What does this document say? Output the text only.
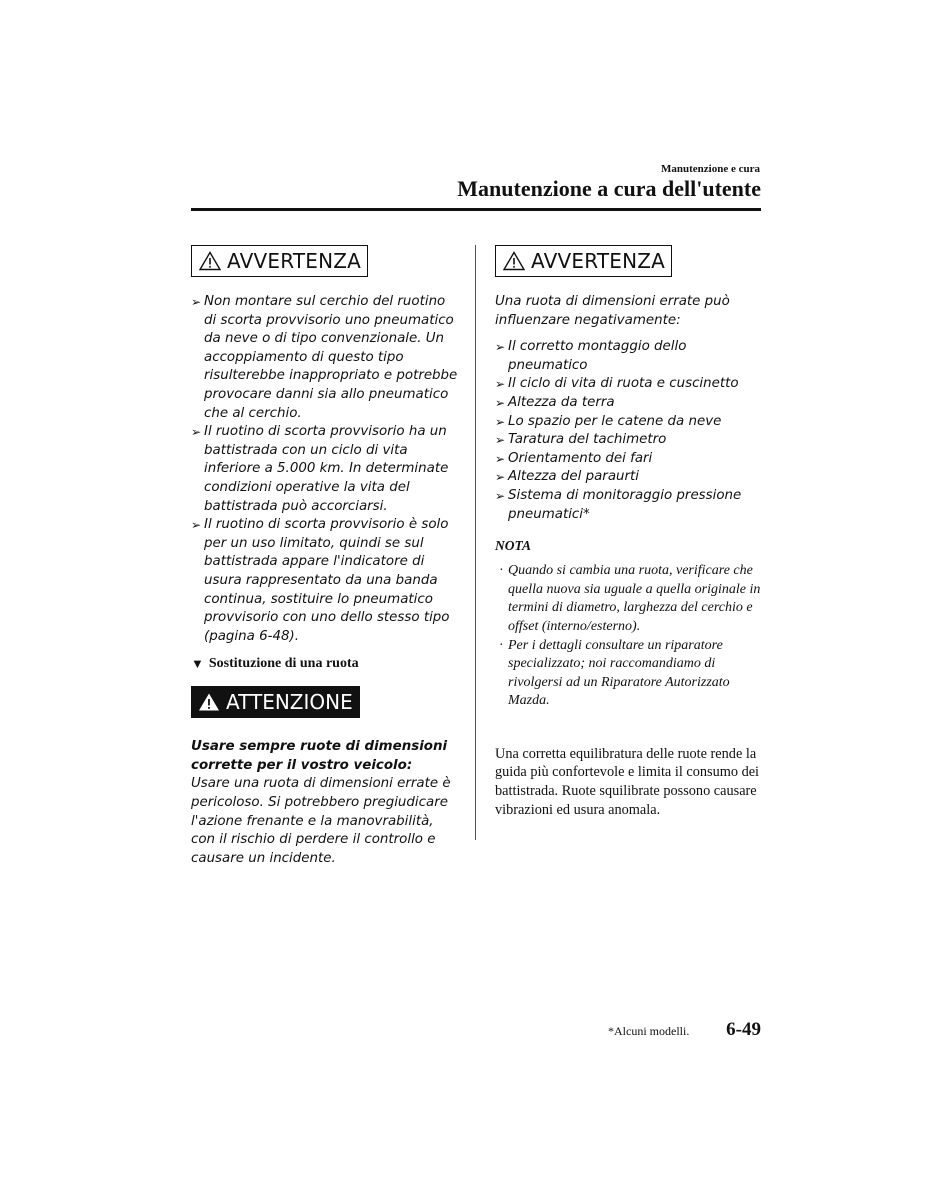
Manutenzione e cura
Manutenzione a cura dell'utente
AVVERTENZA
➢ Non montare sul cerchio del ruotino di scorta provvisorio uno pneumatico da neve o di tipo convenzionale. Un accoppiamento di questo tipo risulterebbe inappropriato e potrebbe provocare danni sia allo pneumatico che al cerchio.
➢ Il ruotino di scorta provvisorio ha un battistrada con un ciclo di vita inferiore a 5.000 km. In determinate condizioni operative la vita del battistrada può accorciarsi.
➢ Il ruotino di scorta provvisorio è solo per un uso limitato, quindi se sul battistrada appare l'indicatore di usura rappresentato da una banda continua, sostituire lo pneumatico provvisorio con uno dello stesso tipo (pagina 6-48).
▼ Sostituzione di una ruota
ATTENZIONE

Usare sempre ruote di dimensioni corrette per il vostro veicolo:

Usare una ruota di dimensioni errate è pericoloso. Si potrebbero pregiudicare l'azione frenante e la manovrabilità, con il rischio di perdere il controllo e causare un incidente.

AVVERTENZA

Una ruota di dimensioni errate può influenzare negativamente:

➢ Il corretto montaggio dello pneumatico
➢ Il ciclo di vita di ruota e cuscinetto
➢ Altezza da terra
➢ Lo spazio per le catene da neve
➢ Taratura del tachimetro
➢ Orientamento dei fari
➢ Altezza del paraurti
➢ Sistema di monitoraggio pressione pneumatici*
NOTA
· Quando si cambia una ruota, verificare che quella nuova sia uguale a quella originale in termini di diametro, larghezza del cerchio e offset (interno/esterno).
· Per i dettagli consultare un riparatore specializzato; noi raccomandiamo di rivolgersi ad un Riparatore Autorizzato Mazda.

Una corretta equilibratura delle ruote rende la guida più confortevole e limita il consumo dei battistrada. Ruote squilibrate possono causare vibrazioni ed usura anomala.

*Alcuni modelli. 6-49
